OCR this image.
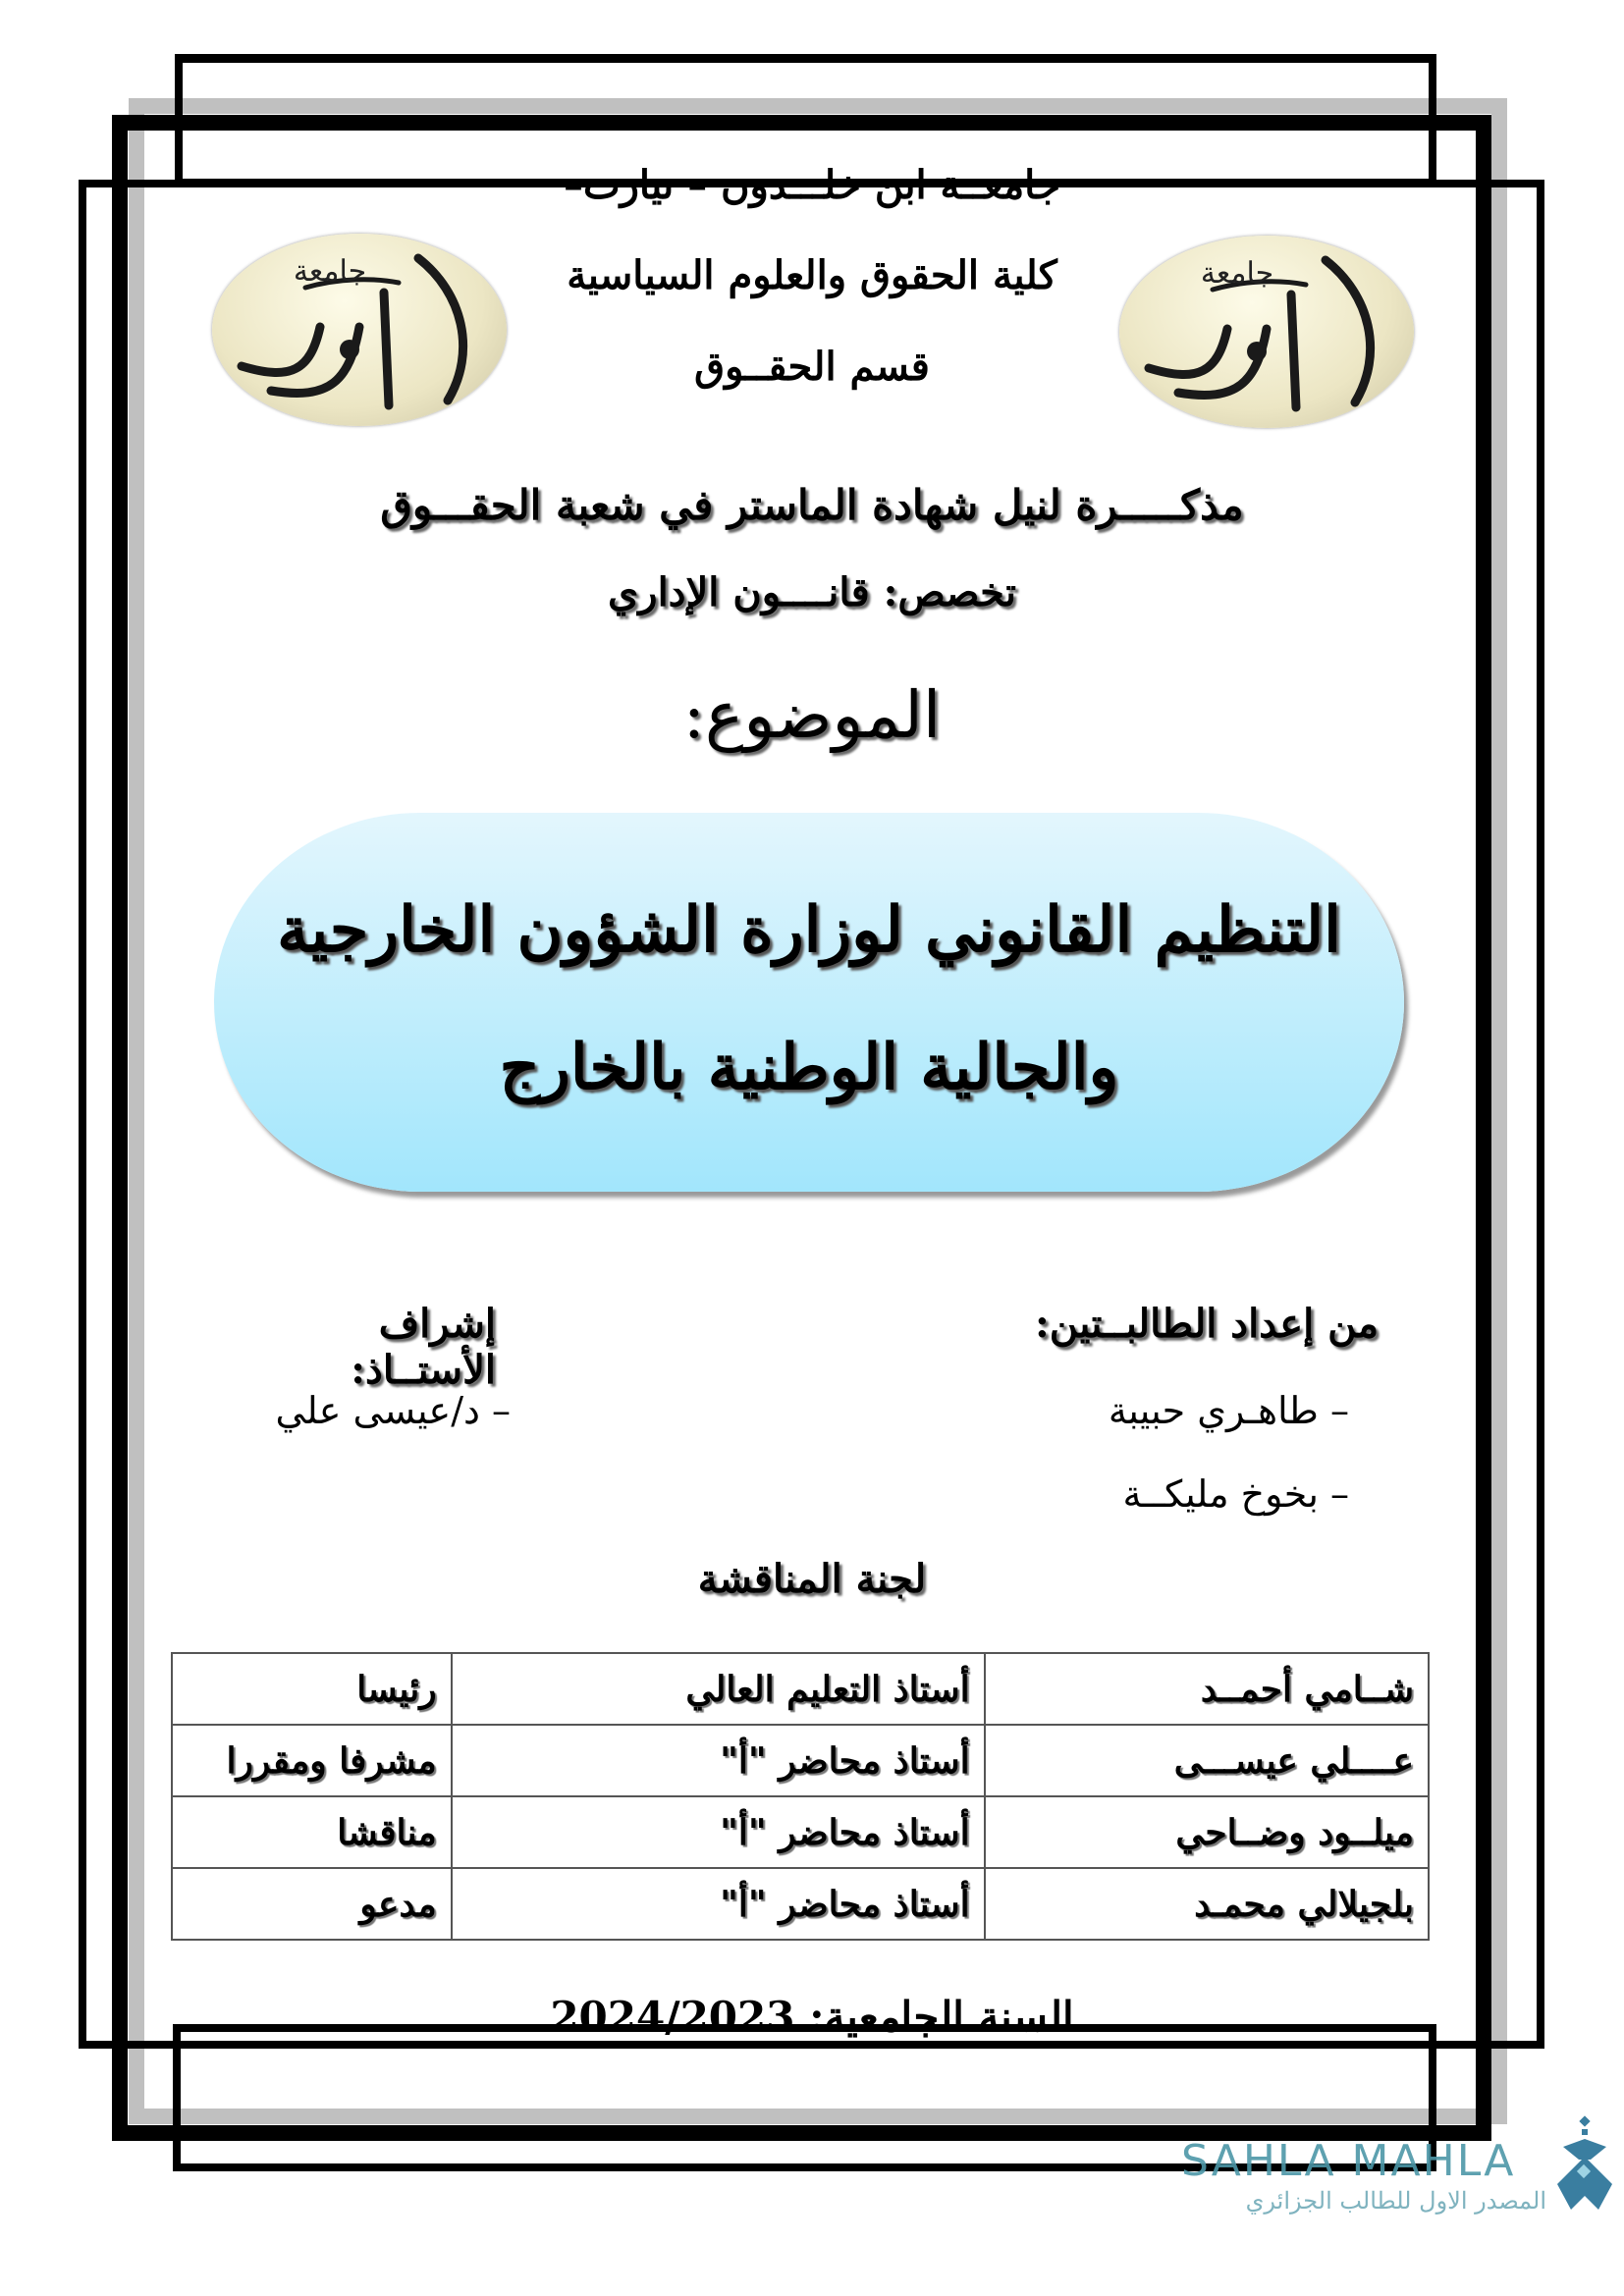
جامعــة ابن خلـــدون – تيارت–
كلية الحقوق والعلوم السياسية
قسم الحقــوق
جامعة	جامعة
مذكـــــرة لنيل شهادة الماستر في شعبة الحقـــوق
تخصص: قانــــون الإداري
الموضوع:
التنظيم القانوني لوزارة الشؤون الخارجية
والجالية الوطنية بالخارج
من إعداد الطالبــتين:
– طاهـري حبيبة
– بخوخ مليكــة
إشراف الأستــاذ:
– د/عيسى علي
لجنة المناقشة
شــامي أحمــد	أستاذ التعليم العالي	رئيسا
عــــلي عيســـى	أستاذ محاضر "أ"	مشرفا ومقررا
ميلــود وضــاحي	أستاذ محاضر "أ"	مناقشا
بلجيلالي محمـد	أستاذ محاضر "أ"	مدعو
السنة الجامعية: 2024/2023
SAHLA MAHLA
المصدر الاول للطالب الجزائري
